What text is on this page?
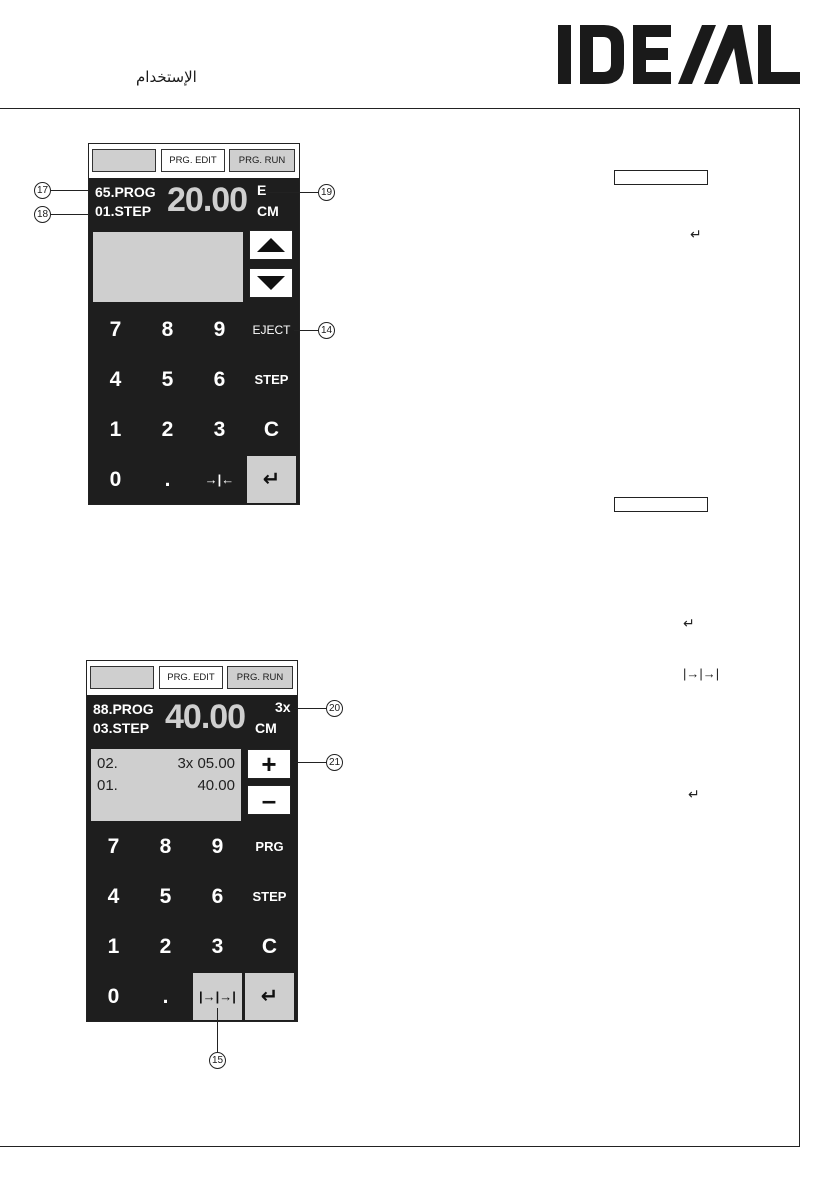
الإستخدام
PRG. EDIT	PRG. RUN
65.PROG
01.STEP 20.00 E
CM
7	8	9	EJECT
4	5	6	STEP
1	2	3	C
0	.	→|←	↵
17
18
19
14
PRG. EDIT	PRG. RUN
88.PROG
03.STEP 40.00 3x
CM
02.	3x 05.00
01.	40.00
+
–
7	8	9	PRG
4	5	6	STEP
1	2	3	C
0	.	|→|→|	↵
20
21
15
↵
↵
|→|→|
↵
